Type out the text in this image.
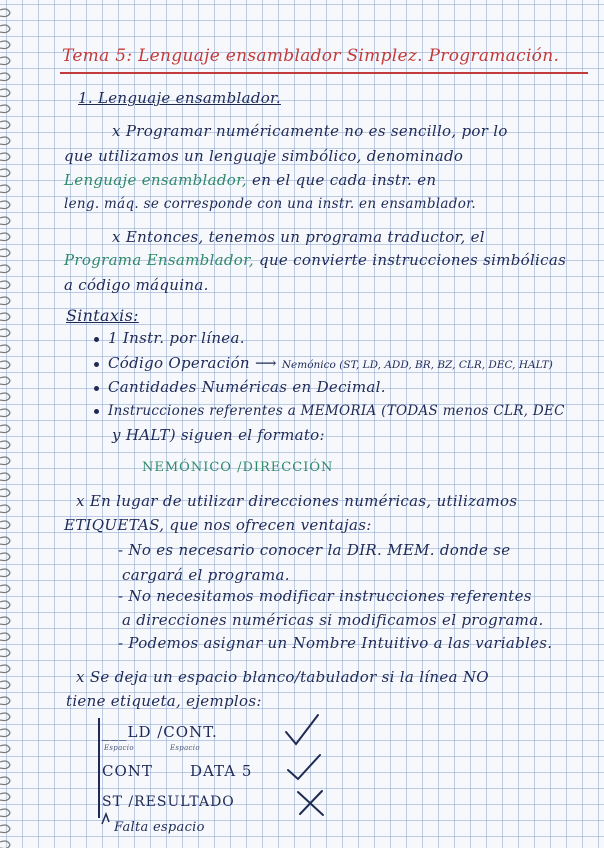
Tema 5: Lenguaje ensamblador Simplez. Programación.
1. Lenguaje ensamblador.
x Programar numéricamente no es sencillo, por lo
que utilizamos un lenguaje simbólico, denominado
Lenguaje ensamblador, en el que cada instr. en
leng. máq. se corresponde con una instr. en ensamblador.
x Entonces, tenemos un programa traductor, el
Programa Ensamblador, que convierte instrucciones simbólicas
a código máquina.
Sintaxis:
1 Instr. por línea.
Código Operación ⟶ Nemónico (ST, LD, ADD, BR, BZ, CLR, DEC, HALT)
Cantidades Numéricas en Decimal.
Instrucciones referentes a MEMORIA (TODAS menos CLR, DEC
y HALT) siguen el formato:
NEMÓNICO /DIRECCIÓN
x En lugar de utilizar direcciones numéricas, utilizamos
ETIQUETAS, que nos ofrecen ventajas:
- No es necesario conocer la DIR. MEM. donde se
cargará el programa.
- No necesitamos modificar instrucciones referentes
a direcciones numéricas si modificamos el programa.
- Podemos asignar un Nombre Intuitivo a las variables.
x Se deja un espacio blanco/tabulador si la línea NO
tiene etiqueta, ejemplos:
___LD /CONT.
Espacio	Espacio
CONT DATA 5
ST /RESULTADO
Falta espacio
